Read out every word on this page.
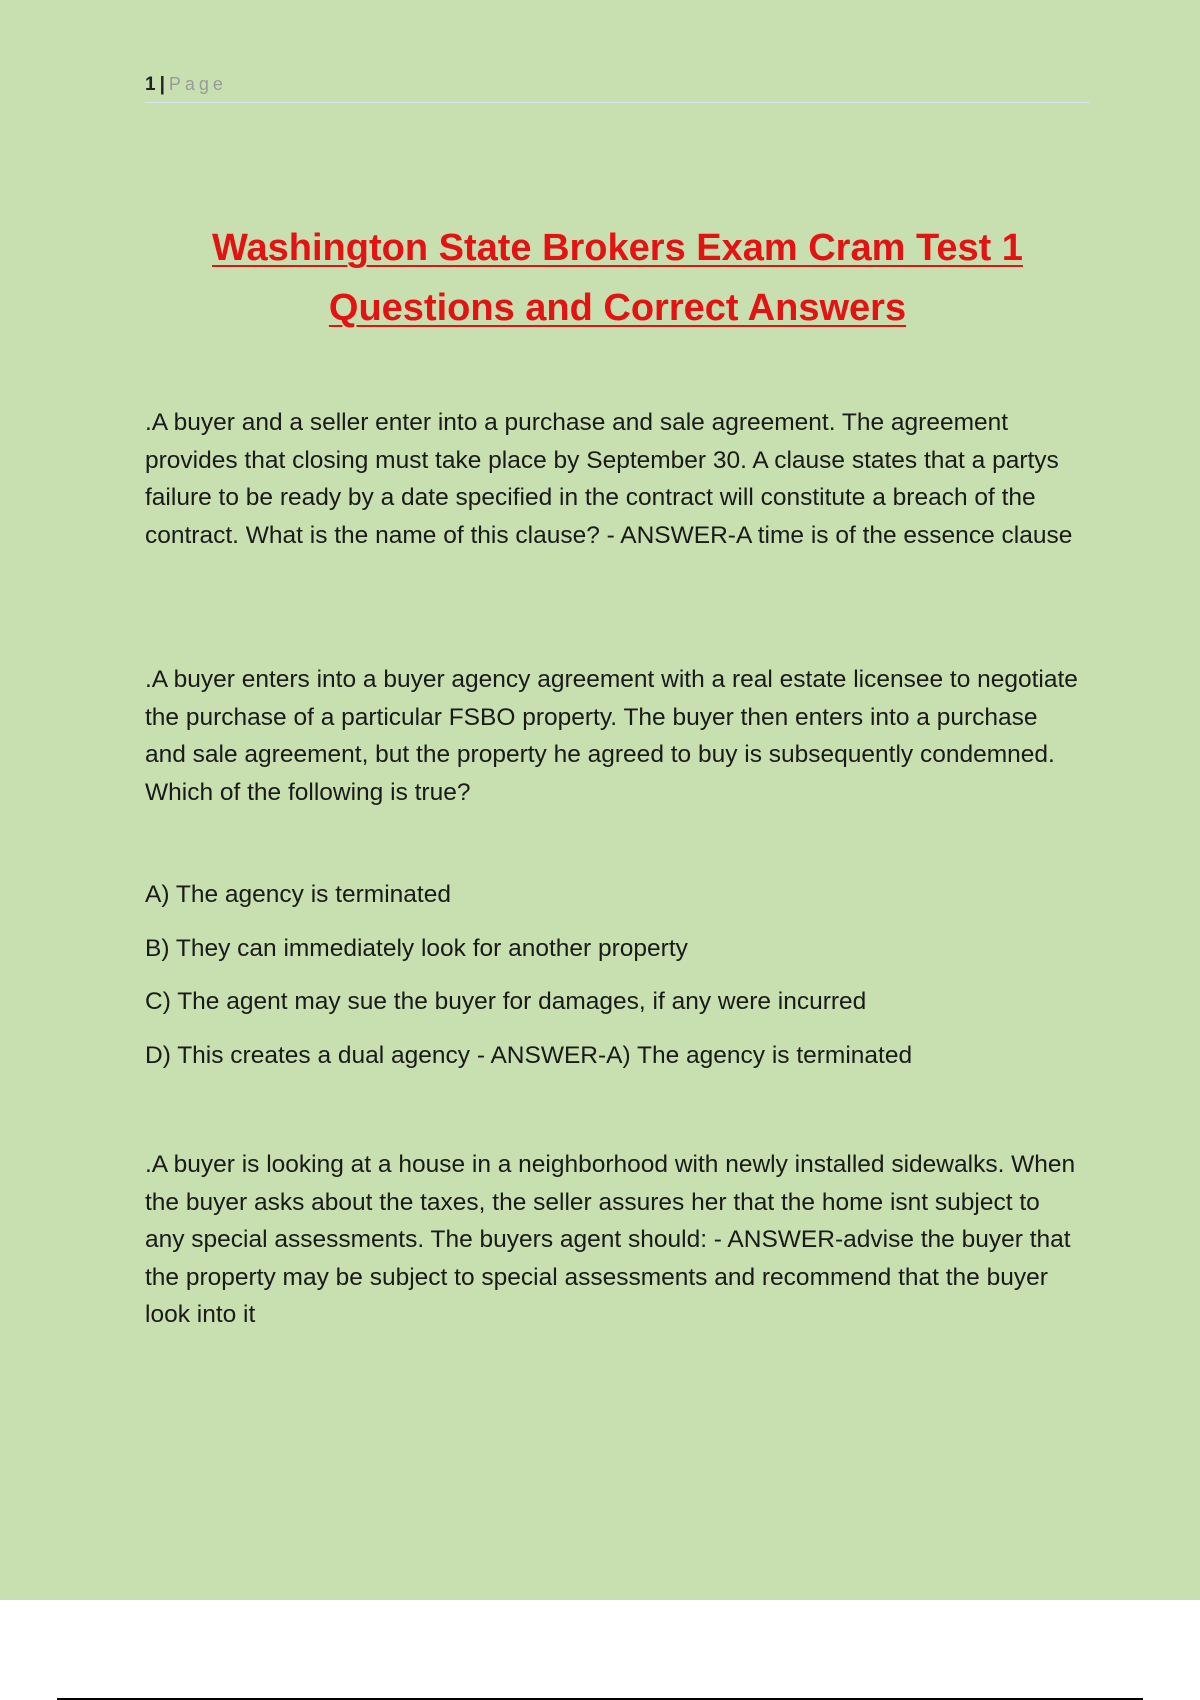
1 | Page
Washington State Brokers Exam Cram Test 1
Questions and Correct Answers
.A buyer and a seller enter into a purchase and sale agreement. The agreement provides that closing must take place by September 30. A clause states that a partys failure to be ready by a date specified in the contract will constitute a breach of the contract. What is the name of this clause? - ANSWER-A time is of the essence clause
.A buyer enters into a buyer agency agreement with a real estate licensee to negotiate the purchase of a particular FSBO property. The buyer then enters into a purchase and sale agreement, but the property he agreed to buy is subsequently condemned. Which of the following is true?
A) The agency is terminated
B) They can immediately look for another property
C) The agent may sue the buyer for damages, if any were incurred
D) This creates a dual agency - ANSWER-A) The agency is terminated
.A buyer is looking at a house in a neighborhood with newly installed sidewalks. When the buyer asks about the taxes, the seller assures her that the home isnt subject to any special assessments. The buyers agent should: - ANSWER-advise the buyer that the property may be subject to special assessments and recommend that the buyer look into it
